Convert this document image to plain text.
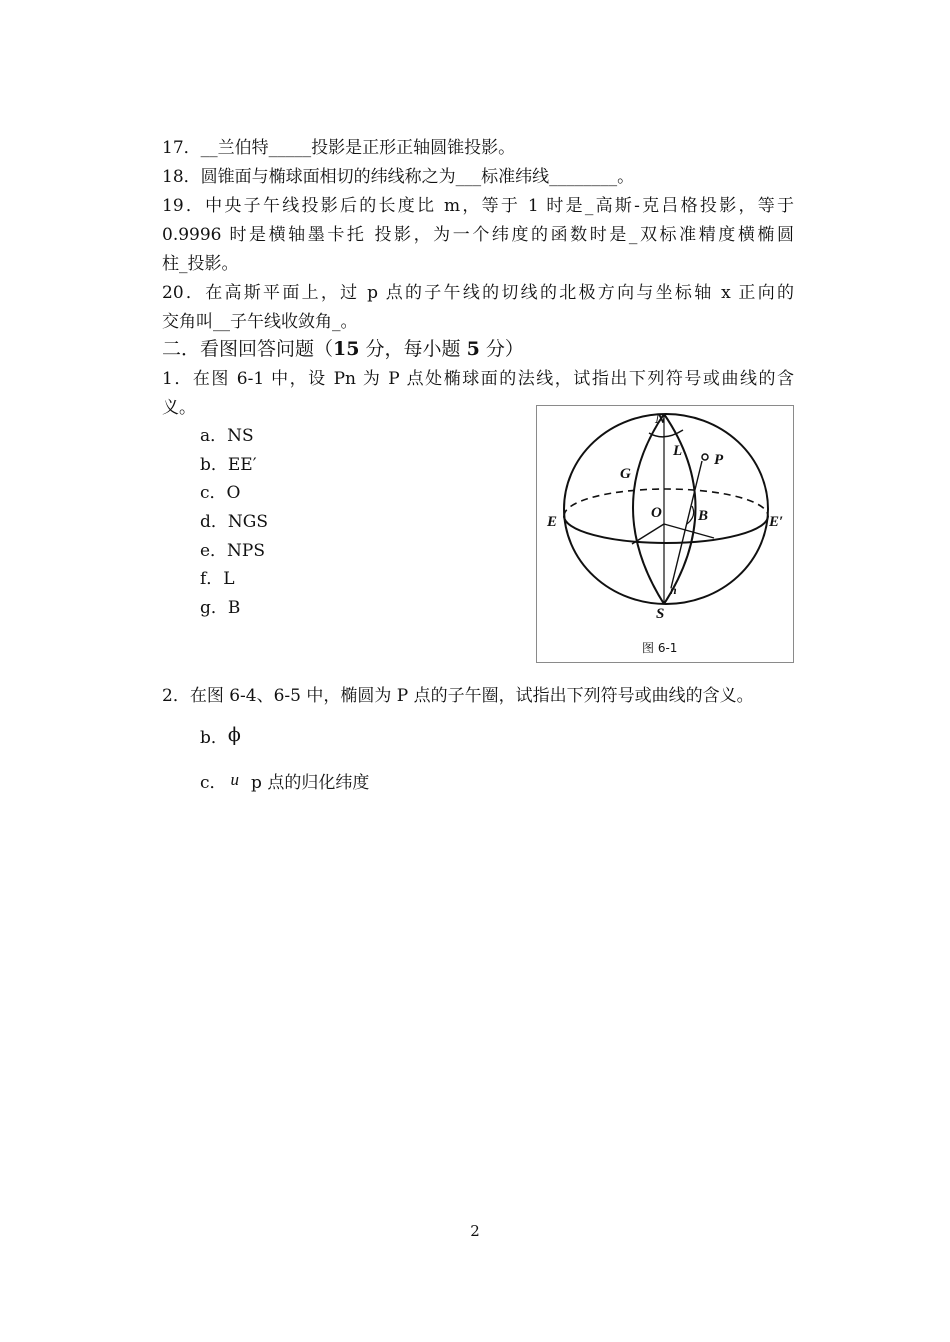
17．__兰伯特_____投影是正形正轴圆锥投影。
18．圆锥面与椭球面相切的纬线称之为___标准纬线________。
19．中央子午线投影后的长度比 m，等于 1 时是_高斯-克吕格投影，等于
0.9996 时是横轴墨卡托 投影，为一个纬度的函数时是_双标准精度横椭圆
柱_投影。
20．在高斯平面上，过 p 点的子午线的切线的北极方向与坐标轴 x 正向的
交角叫__子午线收敛角_。
二．看图回答问题（15 分，每小题 5 分）
1．在图 6-1 中，设 Pn 为 P 点处椭球面的法线，试指出下列符号或曲线的含
义。
a．NS
b．EE′
c．O
d．NGS
e．NPS
f．L
g．B
N
S
E	E′
O
G
P
L
B
n
图 6-1
2．在图 6-4、6-5 中，椭圆为 P 点的子午圈，试指出下列符号或曲线的含义。
b．ϕ
c． u p 点的归化纬度
2
